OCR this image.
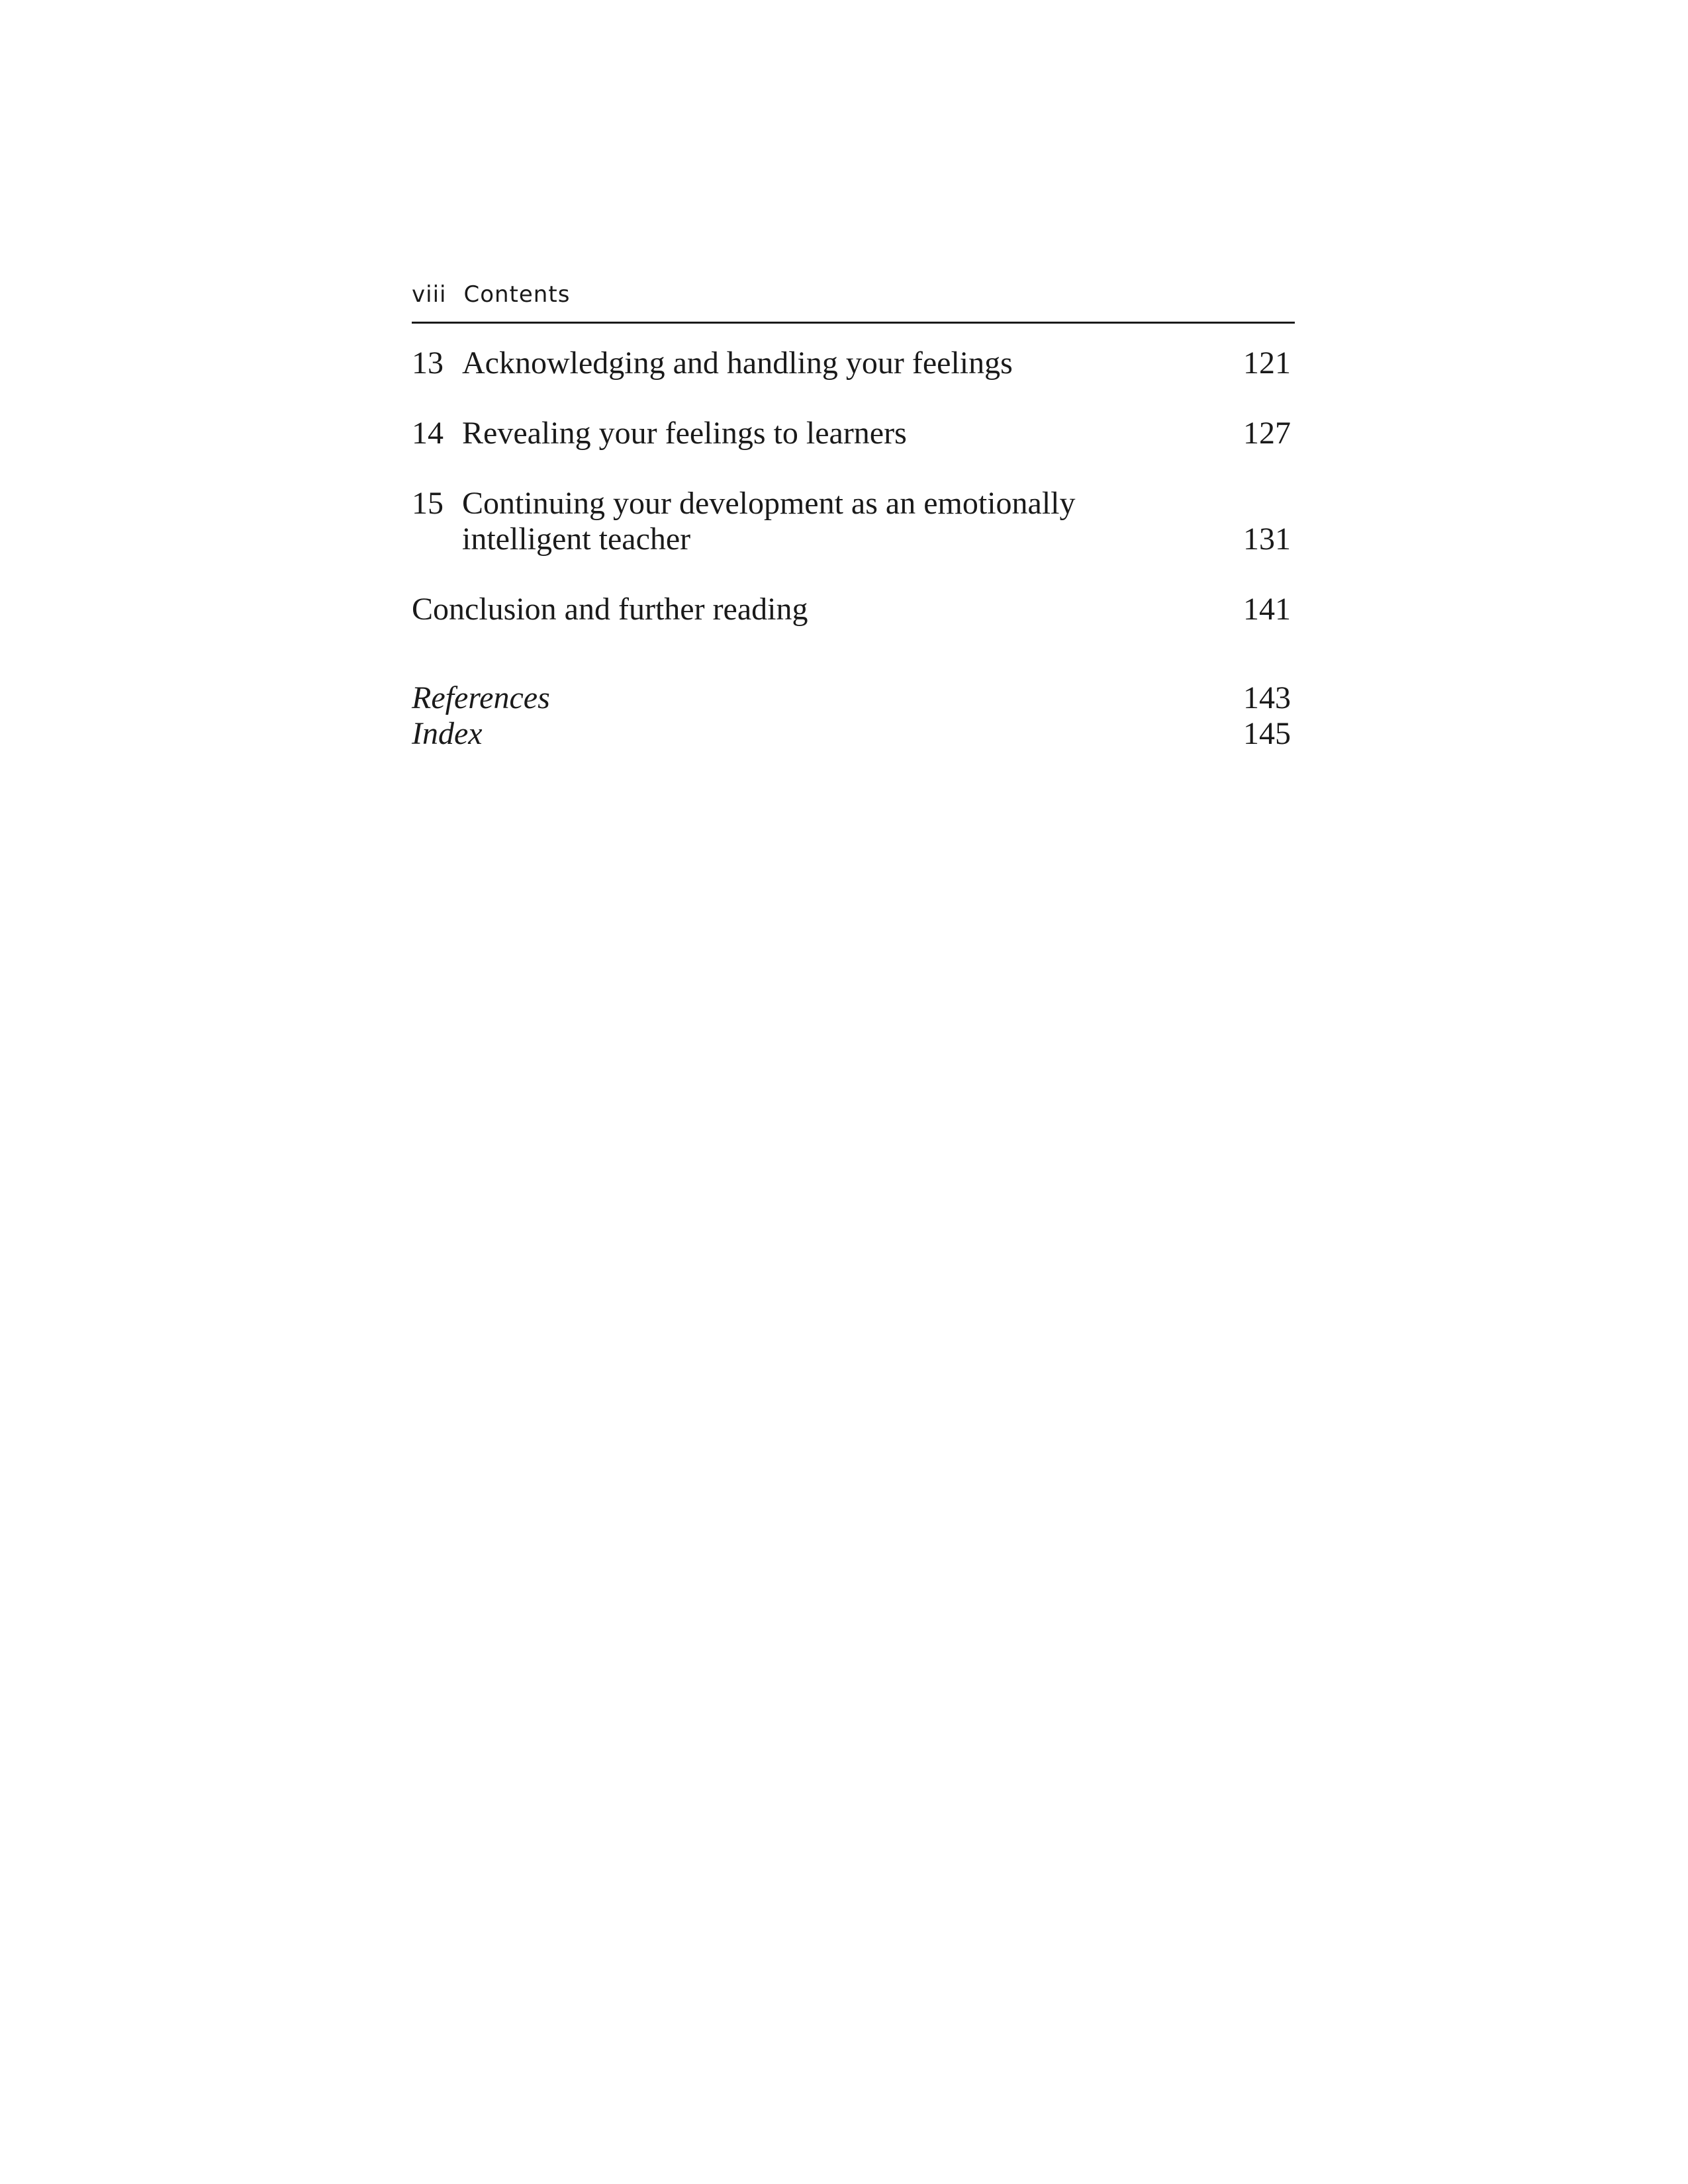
viii Contents
13 Acknowledging and handling your feelings	121
14 Revealing your feelings to learners	127
15 Continuing your development as an emotionally
intelligent teacher	131
Conclusion and further reading	141
References	143
Index	145
